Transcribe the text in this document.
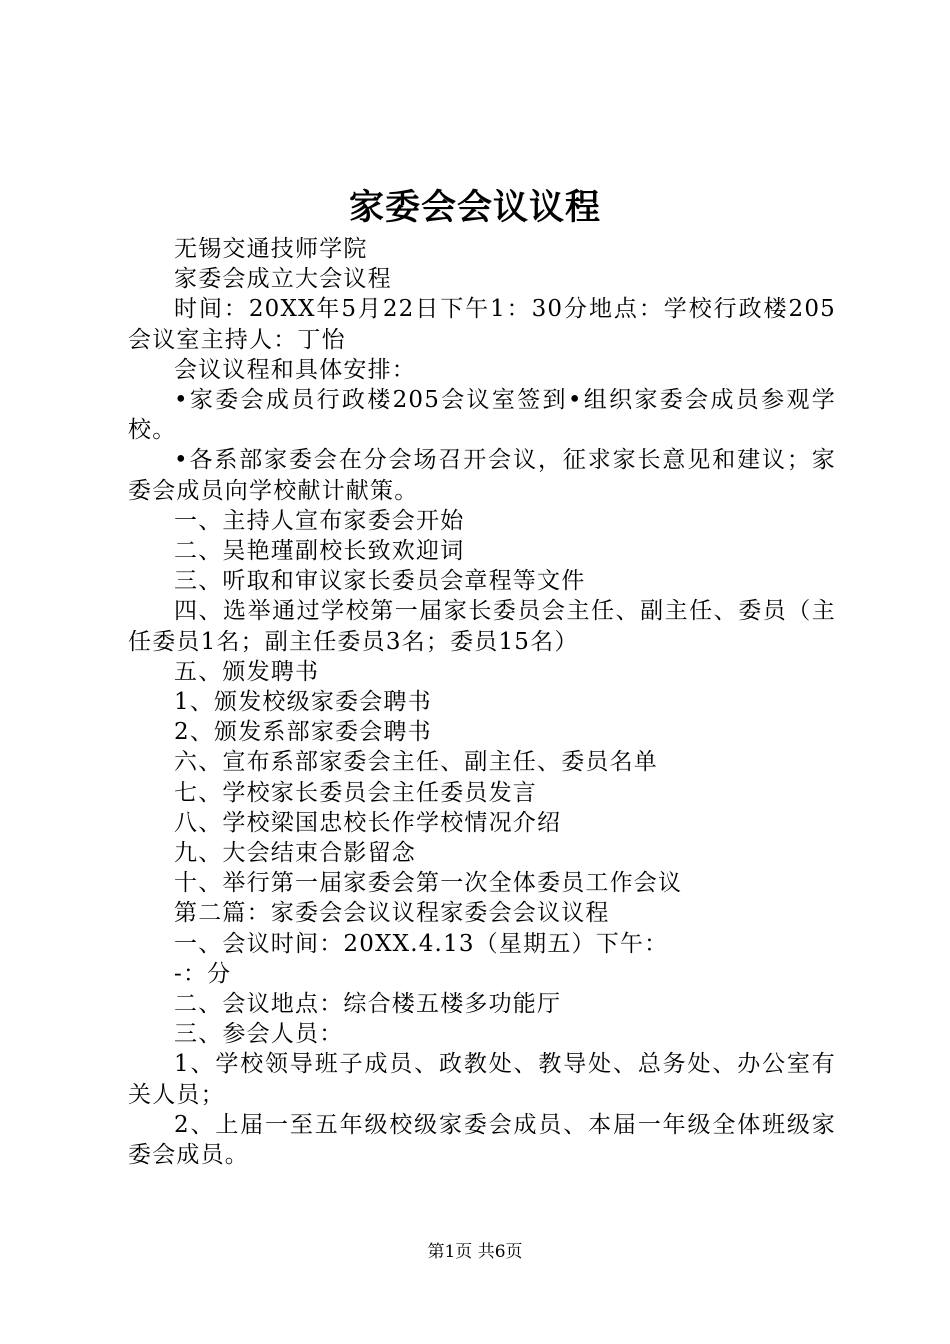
家委会会议议程

无锡交通技师学院

家委会成立大会议程

时间：20XX年5月22日下午1：30分地点：学校行政楼205会议室主持人：丁怡

会议议程和具体安排：

•家委会成员行政楼205会议室签到•组织家委会成员参观学校。

•各系部家委会在分会场召开会议，征求家长意见和建议；家委会成员向学校献计献策。

一、主持人宣布家委会开始

二、吴艳瑾副校长致欢迎词

三、听取和审议家长委员会章程等文件

四、选举通过学校第一届家长委员会主任、副主任、委员（主任委员1名；副主任委员3名；委员15名）

五、颁发聘书

1、颁发校级家委会聘书

2、颁发系部家委会聘书

六、宣布系部家委会主任、副主任、委员名单

七、学校家长委员会主任委员发言

八、学校梁国忠校长作学校情况介绍

九、大会结束合影留念

十、举行第一届家委会第一次全体委员工作会议

第二篇：家委会会议议程家委会会议议程

一、会议时间：20XX.4.13（星期五）下午：

-：分

二、会议地点：综合楼五楼多功能厅

三、参会人员：

1、学校领导班子成员、政教处、教导处、总务处、办公室有关人员；

2、上届一至五年级校级家委会成员、本届一年级全体班级家委会成员。

第1页 共6页
